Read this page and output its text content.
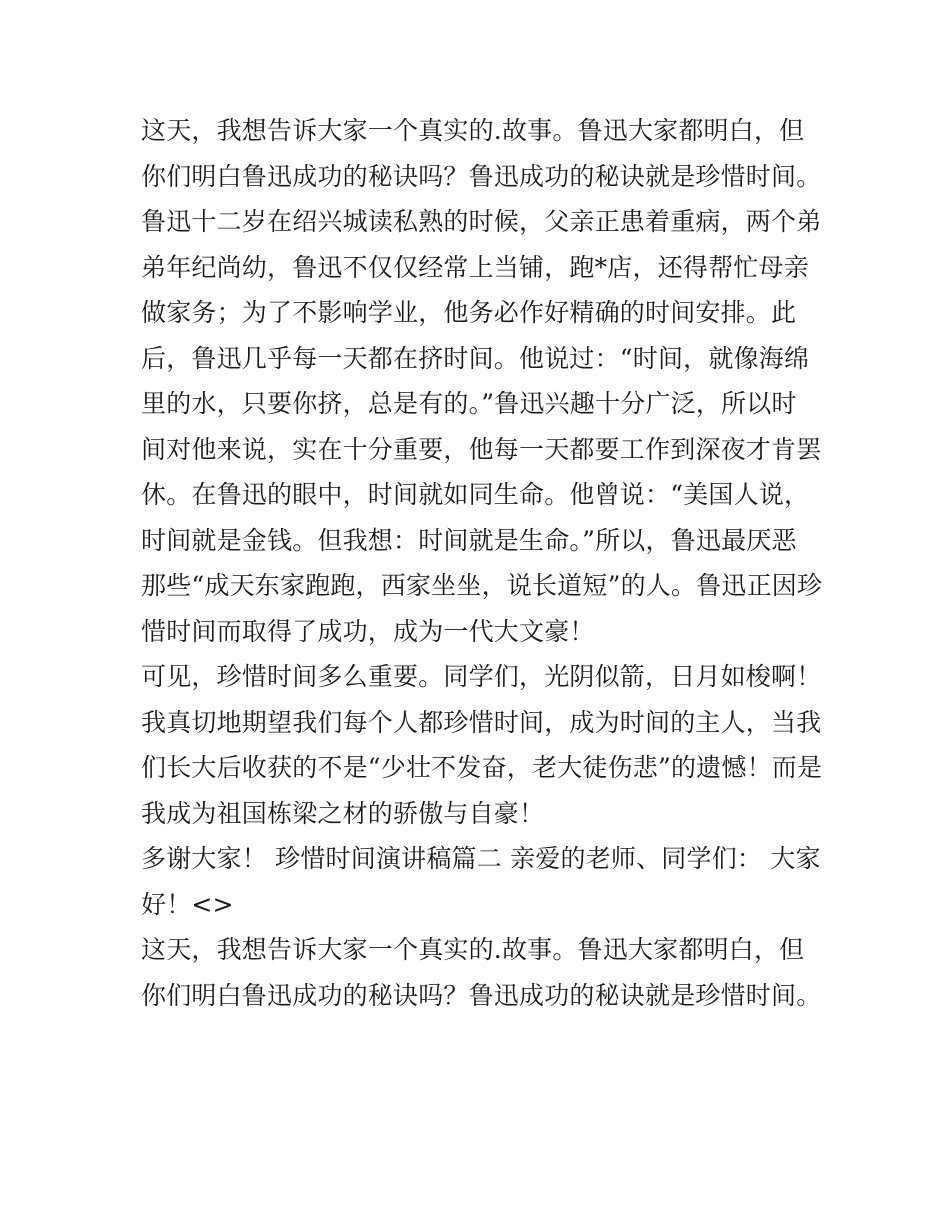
这天，我想告诉大家一个真实的.故事。鲁迅大家都明白，但
你们明白鲁迅成功的秘诀吗？鲁迅成功的秘诀就是珍惜时间。
鲁迅十二岁在绍兴城读私熟的时候，父亲正患着重病，两个弟
弟年纪尚幼，鲁迅不仅仅经常上当铺，跑*店，还得帮忙母亲
做家务；为了不影响学业，他务必作好精确的时间安排。此
后，鲁迅几乎每一天都在挤时间。他说过：“时间，就像海绵
里的水，只要你挤，总是有的。”鲁迅兴趣十分广泛，所以时
间对他来说，实在十分重要，他每一天都要工作到深夜才肯罢
休。在鲁迅的眼中，时间就如同生命。他曾说：“美国人说，
时间就是金钱。但我想：时间就是生命。”所以，鲁迅最厌恶
那些“成天东家跑跑，西家坐坐，说长道短”的人。鲁迅正因珍
惜时间而取得了成功，成为一代大文豪！
可见，珍惜时间多么重要。同学们，光阴似箭，日月如梭啊！
我真切地期望我们每个人都珍惜时间，成为时间的主人，当我
们长大后收获的不是“少壮不发奋，老大徒伤悲”的遗憾！而是
我成为祖国栋梁之材的骄傲与自豪！
多谢大家！ 珍惜时间演讲稿篇二 亲爱的老师、同学们： 大家
好！<>
这天，我想告诉大家一个真实的.故事。鲁迅大家都明白，但
你们明白鲁迅成功的秘诀吗？鲁迅成功的秘诀就是珍惜时间。
